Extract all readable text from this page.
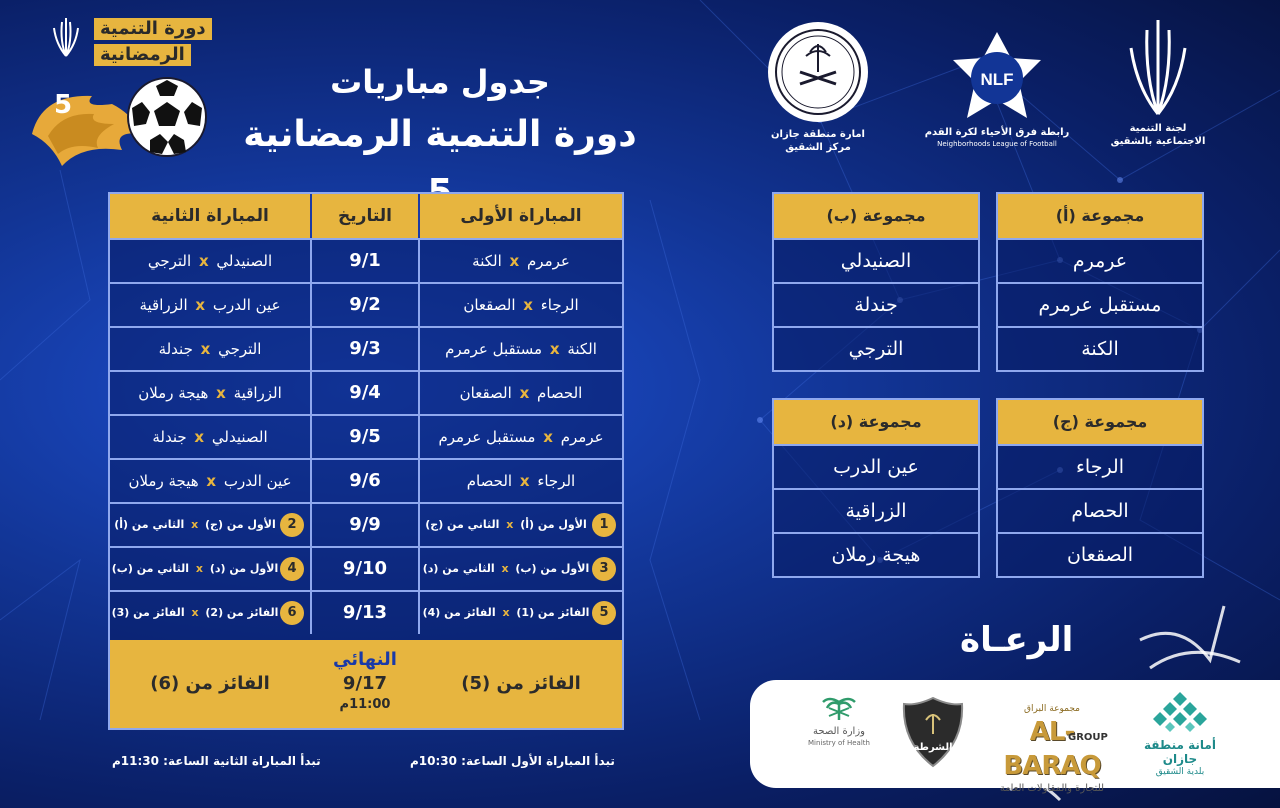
دورة التنمية
الرمضانية
5
جدول مباريات
دورة التنمية الرمضانية	امارة منطقة جازان
مركز الشقيق
NLF
رابطة فرق الأحياء لكرة القدم
Neighborhoods League of Football
لجنة التنمية
الاجتماعية بالشقيق
المباراة الأولى
التاريخ
المباراة الثانية
عرمرم x الكنة
9/1
الصنيدلي x الترجي
الرجاء x الصقعان
9/2
عين الدرب x الزراقية
الكنة x مستقبل عرمرم
9/3
الترجي x جندلة
الحصام x الصقعان
9/4
الزراقية x هيجة رملان
عرمرم x مستقبل عرمرم
9/5
الصنيدلي x جندلة
الرجاء x الحصام
9/6
عين الدرب x هيجة رملان
1
الأول من (أ) x الثاني من (ج)
9/9
2
الأول من (ج) x الثاني من (أ)
3
الأول من (ب) x الثاني من (د)
9/10
4
الأول من (د) x الثاني من (ب)
5
الفائز من (1) x الفائز من (4)
9/13
6
الفائز من (2) x الفائز من (3)
الفائز من (5)
النهائي
9/17
11:00م
الفائز من (6)
تبدأ المباراة الأول الساعة: 10:30م
تبدأ المباراة الثانية الساعة: 11:30م
مجموعة (أ)
عرمرم
مستقبل عرمرم
الكنة
مجموعة (ب)
الصنيدلي
جندلة
الترجي
مجموعة (ج)
الرجاء
الحصام
الصقعان
مجموعة (د)
عين الدرب
الزراقية
هيجة رملان
الرعـاة
وزارة الصحة
Ministry of Health	الشرطة
مجموعة البراق
AL-BARAQ
GROUP
للتجارة والمقاولات العامة
أمانة منطقة جازان
بلدية الشقيق
